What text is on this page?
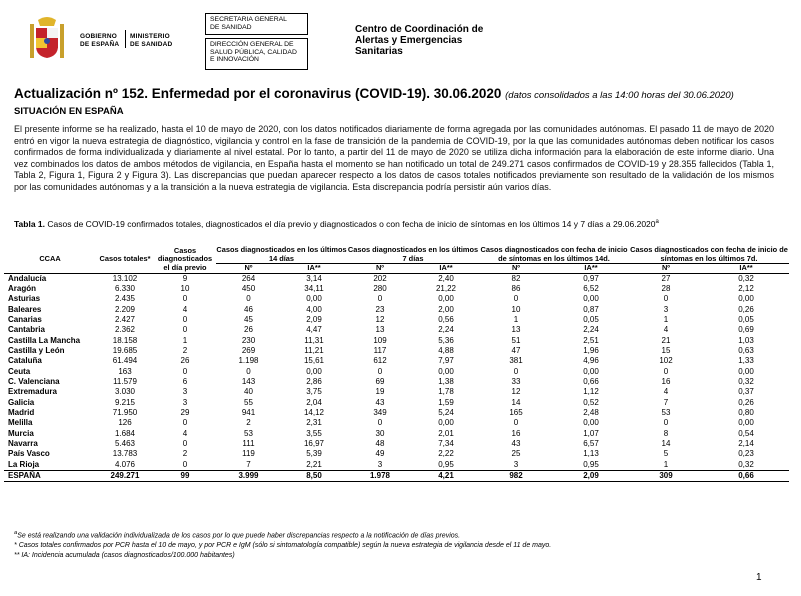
GOBIERNO
DE ESPAÑA
MINISTERIO
DE SANIDAD
SECRETARIA GENERAL
DE SANIDAD
DIRECCIÓN GENERAL DE
SALUD PÚBLICA, CALIDAD
E INNOVACIÓN
Centro de Coordinación de
Alertas y Emergencias
Sanitarias
Actualización nº 152. Enfermedad por el coronavirus (COVID-19). 30.06.2020 (datos consolidados a las 14:00 horas del 30.06.2020)
SITUACIÓN EN ESPAÑA
El presente informe se ha realizado, hasta el 10 de mayo de 2020, con los datos notificados diariamente de forma agregada por las comunidades autónomas. El pasado 11 de mayo de 2020 entró en vigor la nueva estrategia de diagnóstico, vigilancia y control en la fase de transición de la pandemia de COVID-19, por la que las comunidades autónomas deben notificar los casos confirmados de forma individualizada y diariamente al nivel estatal. Por lo tanto, a partir del 11 de mayo de 2020 se utiliza dicha información para la elaboración de este informe diario. Una vez combinados los datos de ambos métodos de vigilancia, en España hasta el momento se han notificado un total de 249.271 casos confirmados de COVID-19 y 28.355 fallecidos (Tabla 1, Tabla 2, Figura 1, Figura 2 y Figura 3). Las discrepancias que puedan aparecer respecto a los datos de casos totales notificados previamente son resultado de la validación de los mismos por las comunidades autónomas y a la transición a la nueva estrategia de vigilancia. Esta discrepancia podría persistir aún varios días.
Tabla 1. Casos de COVID-19 confirmados totales, diagnosticados el día previo y diagnosticados o con fecha de inicio de síntomas en los últimos 14 y 7 días a 29.06.2020$^a$
CCAA	Casos totales*	Casos diagnosticados el día previo	Casos diagnosticados en los últimos 14 días		Casos diagnosticados en los últimos 7 días		Casos diagnosticados con fecha de inicio de síntomas en los últimos 14d.		Casos diagnosticados con fecha de inicio de síntomas en los últimos 7d.	
			Nº	IA**	Nº	IA**	Nº	IA**	Nº	IA**
Andalucía	13.102	9	264	3,14	202	2,40	82	0,97	27	0,32
Aragón	6.330	10	450	34,11	280	21,22	86	6,52	28	2,12
Asturias	2.435	0	0	0,00	0	0,00	0	0,00	0	0,00
Baleares	2.209	4	46	4,00	23	2,00	10	0,87	3	0,26
Canarias	2.427	0	45	2,09	12	0,56	1	0,05	1	0,05
Cantabria	2.362	0	26	4,47	13	2,24	13	2,24	4	0,69
Castilla La Mancha	18.158	1	230	11,31	109	5,36	51	2,51	21	1,03
Castilla y León	19.685	2	269	11,21	117	4,88	47	1,96	15	0,63
Cataluña	61.494	26	1.198	15,61	612	7,97	381	4,96	102	1,33
Ceuta	163	0	0	0,00	0	0,00	0	0,00	0	0,00
C. Valenciana	11.579	6	143	2,86	69	1,38	33	0,66	16	0,32
Extremadura	3.030	3	40	3,75	19	1,78	12	1,12	4	0,37
Galicia	9.215	3	55	2,04	43	1,59	14	0,52	7	0,26
Madrid	71.950	29	941	14,12	349	5,24	165	2,48	53	0,80
Melilla	126	0	2	2,31	0	0,00	0	0,00	0	0,00
Murcia	1.684	4	53	3,55	30	2,01	16	1,07	8	0,54
Navarra	5.463	0	111	16,97	48	7,34	43	6,57	14	2,14
País Vasco	13.783	2	119	5,39	49	2,22	25	1,13	5	0,23
La Rioja	4.076	0	7	2,21	3	0,95	3	0,95	1	0,32
ESPAÑA	249.271	99	3.999	8,50	1.978	4,21	982	2,09	309	0,66
$^a$Se está realizando una validación individualizada de los casos por lo que puede haber discrepancias respecto a la notificación de días previos.
* Casos totales confirmados por PCR hasta el 10 de mayo, y por PCR e IgM (sólo si sintomatología compatible) según la nueva estrategia de vigilancia desde el 11 de mayo.
** IA: Incidencia acumulada (casos diagnosticados/100.000 habitantes)
1
